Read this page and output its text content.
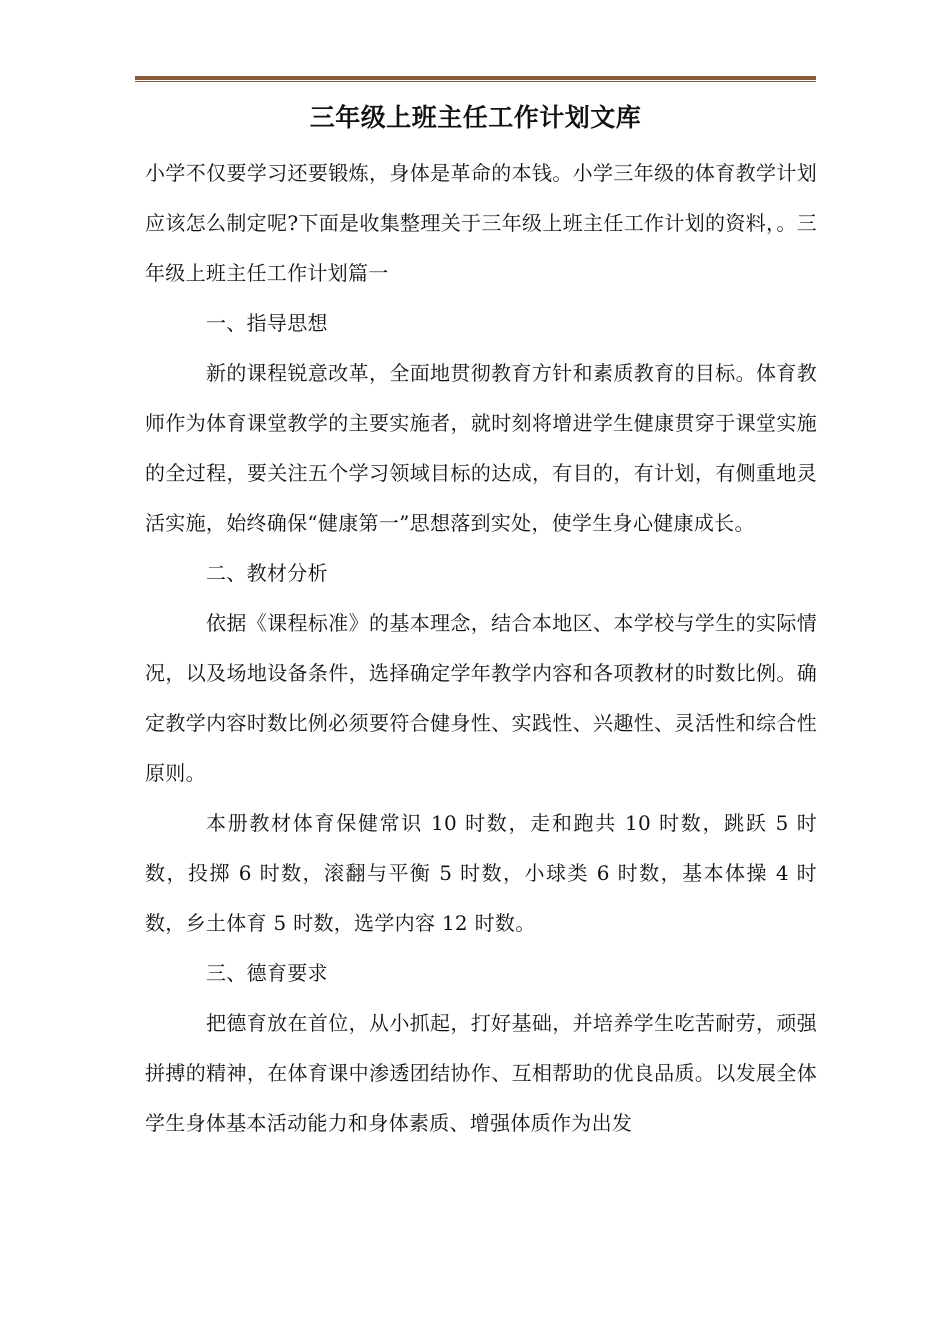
三年级上班主任工作计划文库

小学不仅要学习还要锻炼，身体是革命的本钱。小学三年级的体育教学计划应该怎么制定呢?下面是收集整理关于三年级上班主任工作计划的资料，。三年级上班主任工作计划篇一

一、指导思想

新的课程锐意改革，全面地贯彻教育方针和素质教育的目标。体育教师作为体育课堂教学的主要实施者，就时刻将增进学生健康贯穿于课堂实施的全过程，要关注五个学习领域目标的达成，有目的，有计划，有侧重地灵活实施，始终确保“健康第一”思想落到实处，使学生身心健康成长。

二、教材分析

依据《课程标准》的基本理念，结合本地区、本学校与学生的实际情况，以及场地设备条件，选择确定学年教学内容和各项教材的时数比例。确定教学内容时数比例必须要符合健身性、实践性、兴趣性、灵活性和综合性原则。

本册教材体育保健常识 10 时数，走和跑共 10 时数，跳跃 5 时数，投掷 6 时数，滚翻与平衡 5 时数，小球类 6 时数，基本体操 4 时数，乡土体育 5 时数，选学内容 12 时数。

三、德育要求

把德育放在首位，从小抓起，打好基础，并培养学生吃苦耐劳，顽强拼搏的精神，在体育课中渗透团结协作、互相帮助的优良品质。以发展全体学生身体基本活动能力和身体素质、增强体质作为出发
